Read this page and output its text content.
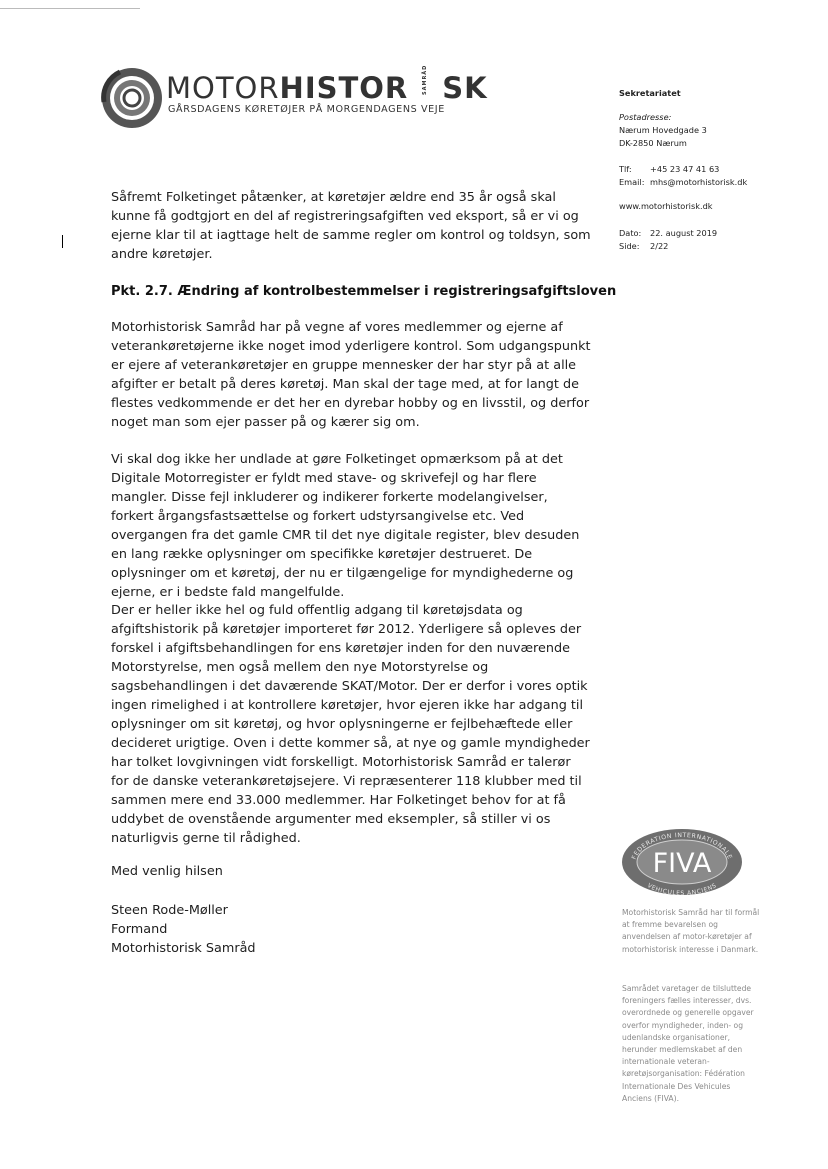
MOTORHISTOR	SAMRÅD SK
GÅRSDAGENS KØRETØJER PÅ MORGENDAGENS VEJE
Sekretariatet
Postadresse:
Nærum Hovedgade 3
DK-2850 Nærum
Tlf:	+45 23 47 41 63
Email: mhs@motorhistorisk.dk
www.motorhistorisk.dk
Dato:	22. august 2019
Side:	2/22

Såfremt Folketinget påtænker, at køretøjer ældre end 35 år også skal kunne få godtgjort en del af registreringsafgiften ved eksport, så er vi og ejerne klar til at iagttage helt de samme regler om kontrol og toldsyn, som andre køretøjer.

Pkt. 2.7. Ændring af kontrolbestemmelser i registreringsafgiftsloven

Motorhistorisk Samråd har på vegne af vores medlemmer og ejerne af veterankøretøjerne ikke noget imod yderligere kontrol. Som udgangspunkt er ejere af veterankøretøjer en gruppe mennesker der har styr på at alle afgifter er betalt på deres køretøj. Man skal der tage med, at for langt de flestes vedkommende er det her en dyrebar hobby og en livsstil, og derfor noget man som ejer passer på og kærer sig om.

Vi skal dog ikke her undlade at gøre Folketinget opmærksom på at det Digitale Motorregister er fyldt med stave- og skrivefejl og har flere mangler. Disse fejl inkluderer og indikerer forkerte modelangivelser, forkert årgangsfastsættelse og forkert udstyrsangivelse etc. Ved overgangen fra det gamle CMR til det nye digitale register, blev desuden en lang række oplysninger om specifikke køretøjer destrueret. De oplysninger om et køretøj, der nu er tilgængelige for myndighederne og ejerne, er i bedste fald mangelfulde.

Der er heller ikke hel og fuld offentlig adgang til køretøjsdata og afgiftshistorik på køretøjer importeret før 2012. Yderligere så opleves der forskel i afgiftsbehandlingen for ens køretøjer inden for den nuværende Motorstyrelse, men også mellem den nye Motorstyrelse og sagsbehandlingen i det daværende SKAT/Motor. Der er derfor i vores optik ingen rimelighed i at kontrollere køretøjer, hvor ejeren ikke har adgang til oplysninger om sit køretøj, og hvor oplysningerne er fejlbehæftede eller decideret urigtige. Oven i dette kommer så, at nye og gamle myndigheder har tolket lovgivningen vidt forskelligt. Motorhistorisk Samråd er talerør for de danske veterankøretøjsejere. Vi repræsenterer 118 klubber med til sammen mere end 33.000 medlemmer. Har Folketinget behov for at få uddybet de ovenstående argumenter med eksempler, så stiller vi os naturligvis gerne til rådighed.

Med venlig hilsen
Steen Rode-Møller
Formand
Motorhistorisk Samråd
FEDERATION INTERNATIONALE
VEHICULES ANCIENS
FIVA
Motorhistorisk Samråd har til formål at fremme bevarelsen og anvendelsen af motor-køretøjer af motorhistorisk interesse i Danmark.
Samrådet varetager de tilsluttede foreningers fælles interesser, dvs. overordnede og generelle opgaver overfor myndigheder, inden- og udenlandske organisationer, herunder medlemskabet af den internationale veteran-køretøjsorganisation: Fédération Internationale Des Vehicules Anciens (FIVA).
